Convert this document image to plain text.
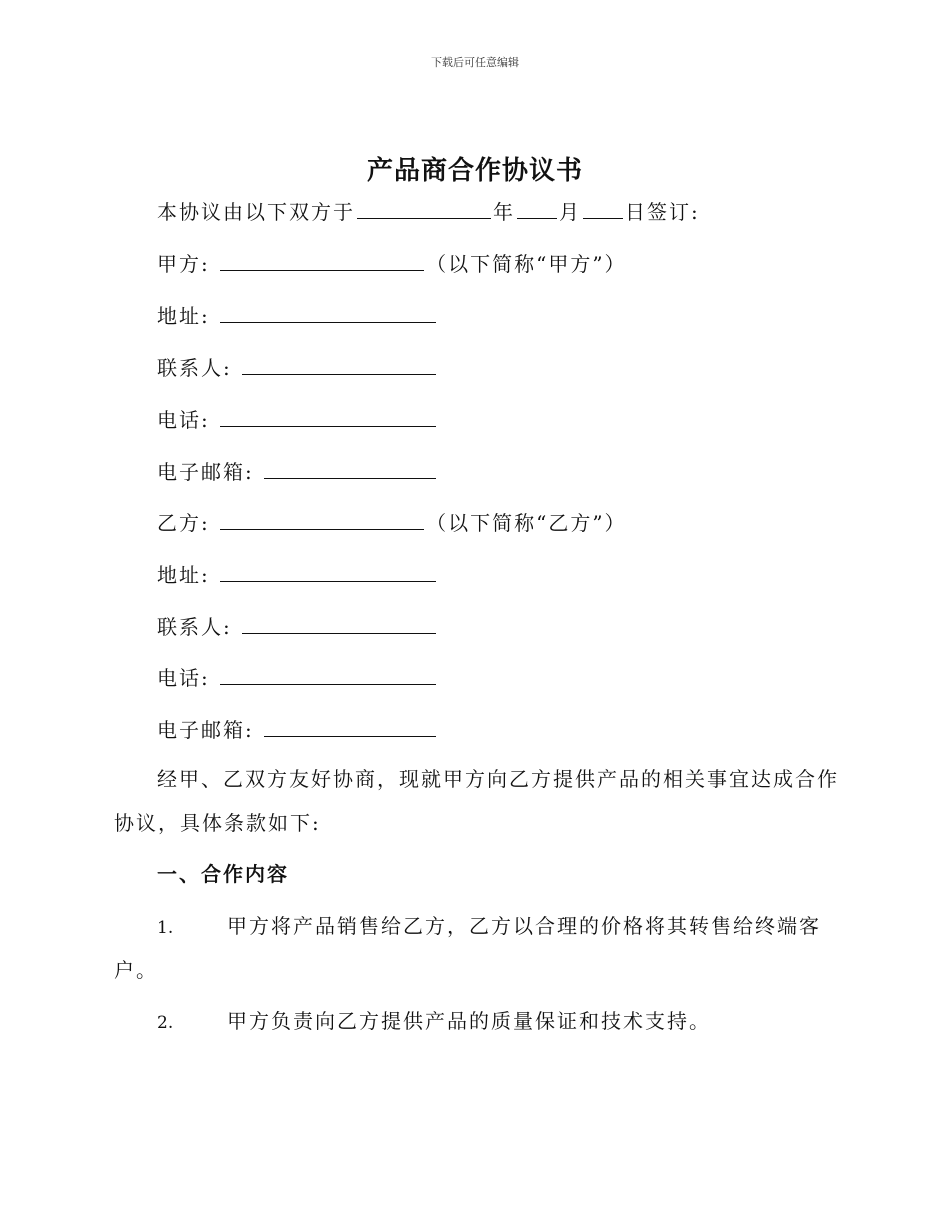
下载后可任意编辑
产品商合作协议书
本协议由以下双方于	年 月 日签订:
甲方:	（以下简称“甲方”）
地址:
联系人:
电话:
电子邮箱:
乙方:	（以下简称“乙方”）
地址:
联系人:
电话:
电子邮箱:
经甲、乙双方友好协商，现就甲方向乙方提供产品的相关事宜达成合作
协议，具体条款如下:
一、合作内容
1.	甲方将产品销售给乙方，乙方以合理的价格将其转售给终端客
户。
2.	甲方负责向乙方提供产品的质量保证和技术支持。
